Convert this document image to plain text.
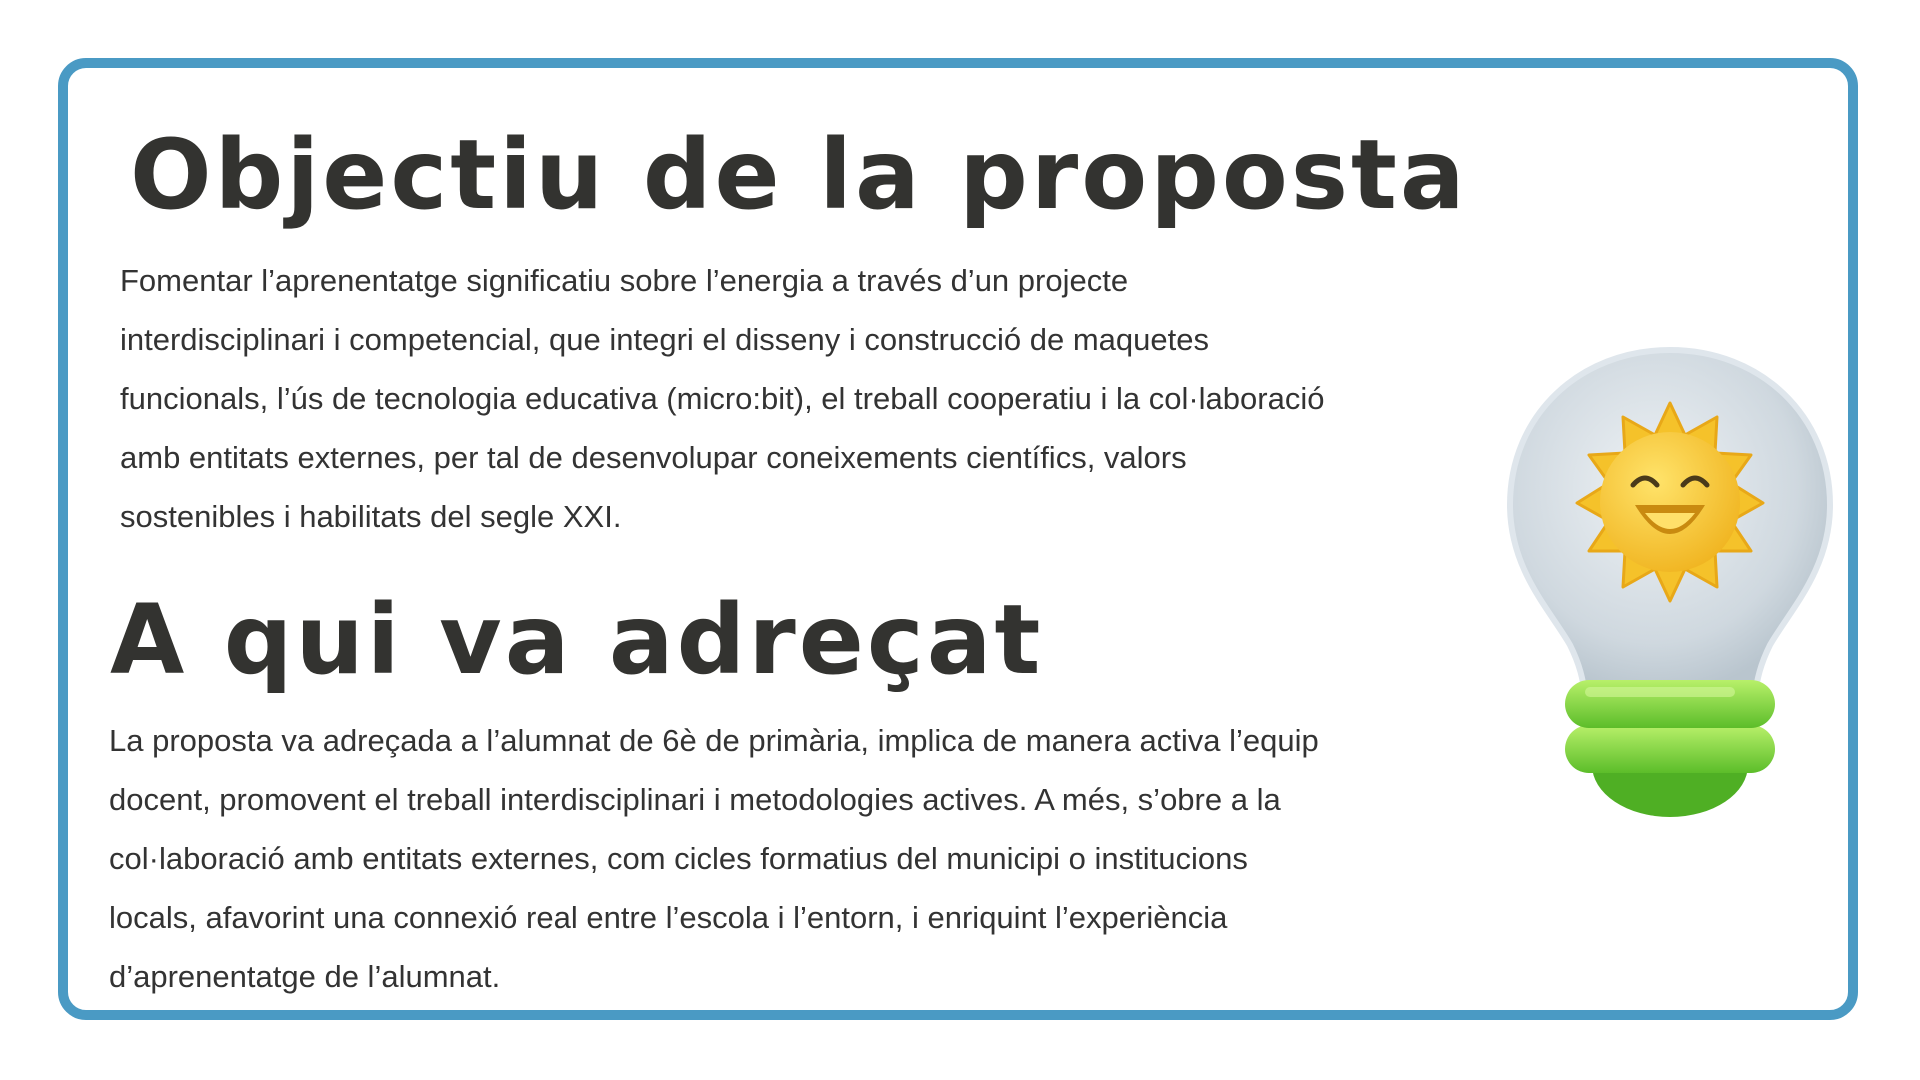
Objectiu de la proposta

Fomentar l’aprenentatge significatiu sobre l’energia a través d’un projecte
interdisciplinari i competencial, que integri el disseny i construcció de maquetes
funcionals, l’ús de tecnologia educativa (micro:bit), el treball cooperatiu i la col·laboració
amb entitats externes, per tal de desenvolupar coneixements científics, valors
sostenibles i habilitats del segle XXI.

A qui va adreçat

La proposta va adreçada a l’alumnat de 6è de primària, implica de manera activa l’equip
docent, promovent el treball interdisciplinari i metodologies actives. A més, s’obre a la
col·laboració amb entitats externes, com cicles formatius del municipi o institucions
locals, afavorint una connexió real entre l’escola i l’entorn, i enriquint l’experiència
d’aprenentatge de l’alumnat.
